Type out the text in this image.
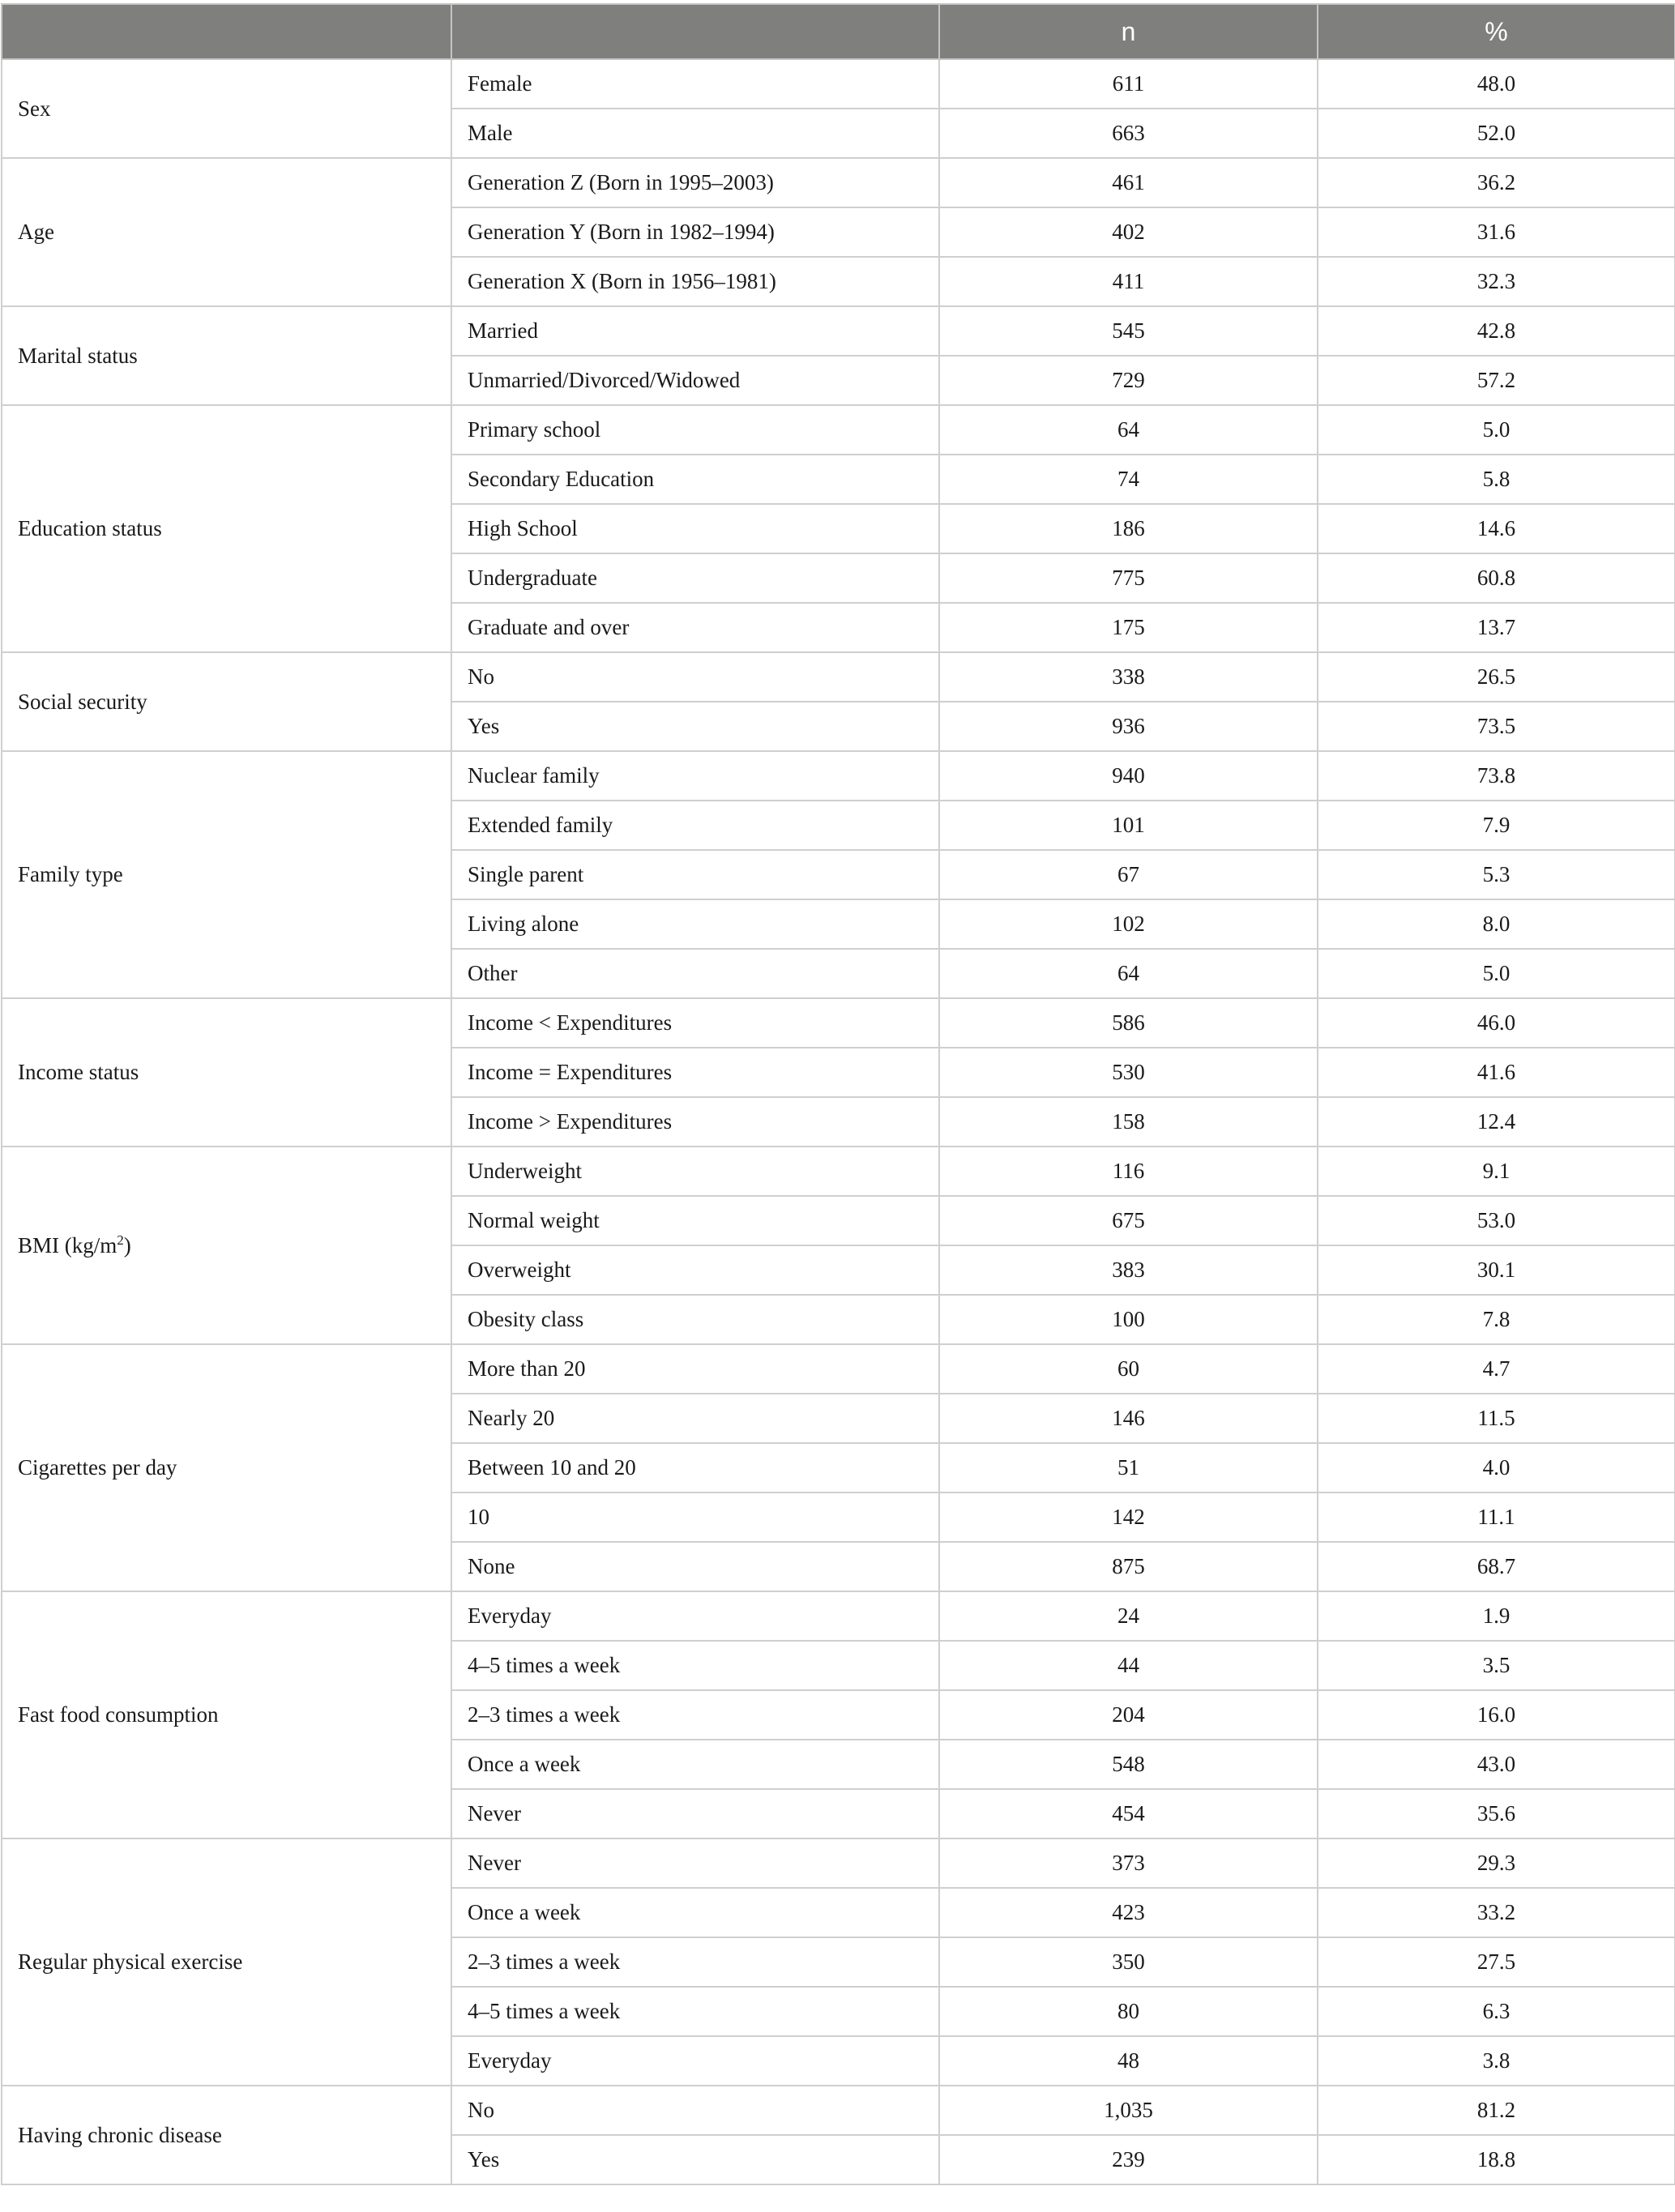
		n	%
Sex	Female	611	48.0
	Male	663	52.0
Age	Generation Z (Born in 1995–2003)	461	36.2
	Generation Y (Born in 1982–1994)	402	31.6
	Generation X (Born in 1956–1981)	411	32.3
Marital status	Married	545	42.8
	Unmarried/Divorced/Widowed	729	57.2
Education status	Primary school	64	5.0
	Secondary Education	74	5.8
	High School	186	14.6
	Undergraduate	775	60.8
	Graduate and over	175	13.7
Social security	No	338	26.5
	Yes	936	73.5
Family type	Nuclear family	940	73.8
	Extended family	101	7.9
	Single parent	67	5.3
	Living alone	102	8.0
	Other	64	5.0
Income status	Income < Expenditures	586	46.0
	Income = Expenditures	530	41.6
	Income > Expenditures	158	12.4
BMI $(kg/m^2)$	Underweight	116	9.1
	Normal weight	675	53.0
	Overweight	383	30.1
	Obesity class	100	7.8
Cigarettes per day	More than 20	60	4.7
	Nearly 20	146	11.5
	Between 10 and 20	51	4.0
	10	142	11.1
	None	875	68.7
Fast food consumption	Everyday	24	1.9
	4–5 times a week	44	3.5
	2–3 times a week	204	16.0
	Once a week	548	43.0
	Never	454	35.6
Regular physical exercise	Never	373	29.3
	Once a week	423	33.2
	2–3 times a week	350	27.5
	4–5 times a week	80	6.3
	Everyday	48	3.8
Having chronic disease	No	1,035	81.2
	Yes	239	18.8
